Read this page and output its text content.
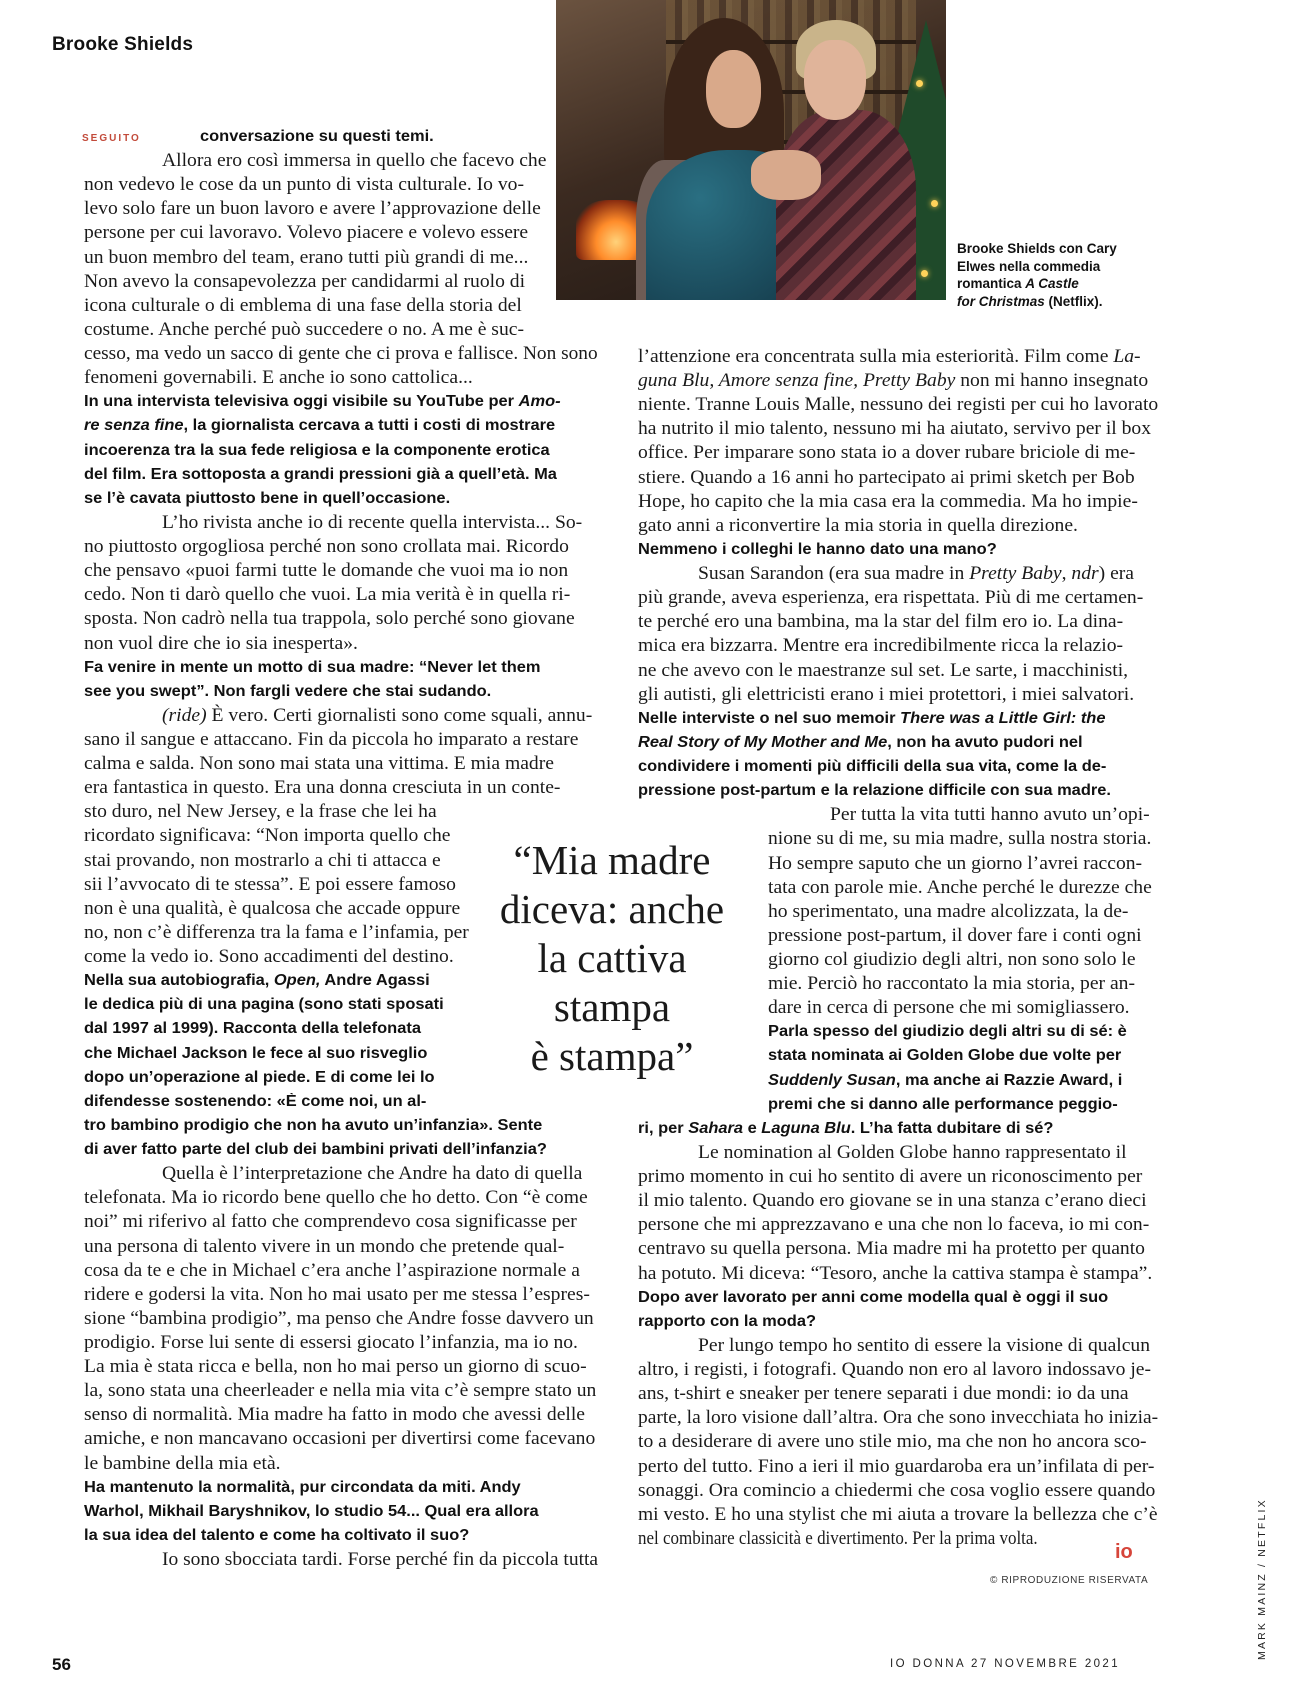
Brooke Shields
Brooke Shields con Cary
Elwes nella commedia
romantica A Castle
for Christmas (Netflix).
SEGUITO	conversazione su questi temi.
Allora ero così immersa in quello che facevo che
non vedevo le cose da un punto di vista culturale. Io vo-
levo solo fare un buon lavoro e avere l’approvazione delle
persone per cui lavoravo. Volevo piacere e volevo essere
un buon membro del team, erano tutti più grandi di me...
Non avevo la consapevolezza per candidarmi al ruolo di
icona culturale o di emblema di una fase della storia del
costume. Anche perché può succedere o no. A me è suc-
cesso, ma vedo un sacco di gente che ci prova e fallisce. Non sono
fenomeni governabili. E anche io sono cattolica...
In una intervista televisiva oggi visibile su YouTube per Amo-
re senza fine, la giornalista cercava a tutti i costi di mostrare
incoerenza tra la sua fede religiosa e la componente erotica
del film. Era sottoposta a grandi pressioni già a quell’età. Ma
se l’è cavata piuttosto bene in quell’occasione.
L’ho rivista anche io di recente quella intervista... So-
no piuttosto orgogliosa perché non sono crollata mai. Ricordo
che pensavo «puoi farmi tutte le domande che vuoi ma io non
cedo. Non ti darò quello che vuoi. La mia verità è in quella ri-
sposta. Non cadrò nella tua trappola, solo perché sono giovane
non vuol dire che io sia inesperta».
Fa venire in mente un motto di sua madre: “Never let them
see you swept”. Non fargli vedere che stai sudando.
(ride) È vero. Certi giornalisti sono come squali, annu-
sano il sangue e attaccano. Fin da piccola ho imparato a restare
calma e salda. Non sono mai stata una vittima. E mia madre
era fantastica in questo. Era una donna cresciuta in un conte-
sto duro, nel New Jersey, e la frase che lei ha
ricordato significava: “Non importa quello che
stai provando, non mostrarlo a chi ti attacca e
sii l’avvocato di te stessa”. E poi essere famoso
non è una qualità, è qualcosa che accade oppure
no, non c’è differenza tra la fama e l’infamia, per
come la vedo io. Sono accadimenti del destino.
Nella sua autobiografia, Open, Andre Agassi
le dedica più di una pagina (sono stati sposati
dal 1997 al 1999). Racconta della telefonata
che Michael Jackson le fece al suo risveglio
dopo un’operazione al piede. E di come lei lo
difendesse sostenendo: «È come noi, un al-
tro bambino prodigio che non ha avuto un’infanzia». Sente
di aver fatto parte del club dei bambini privati dell’infanzia?
Quella è l’interpretazione che Andre ha dato di quella
telefonata. Ma io ricordo bene quello che ho detto. Con “è come
noi” mi riferivo al fatto che comprendevo cosa significasse per
una persona di talento vivere in un mondo che pretende qual-
cosa da te e che in Michael c’era anche l’aspirazione normale a
ridere e godersi la vita. Non ho mai usato per me stessa l’espres-
sione “bambina prodigio”, ma penso che Andre fosse davvero un
prodigio. Forse lui sente di essersi giocato l’infanzia, ma io no.
La mia è stata ricca e bella, non ho mai perso un giorno di scuo-
la, sono stata una cheerleader e nella mia vita c’è sempre stato un
senso di normalità. Mia madre ha fatto in modo che avessi delle
amiche, e non mancavano occasioni per divertirsi come facevano
le bambine della mia età.
Ha mantenuto la normalità, pur circondata da miti. Andy
Warhol, Mikhail Baryshnikov, lo studio 54... Qual era allora
la sua idea del talento e come ha coltivato il suo?
Io sono sbocciata tardi. Forse perché fin da piccola tutta
l’attenzione era concentrata sulla mia esteriorità. Film come La-
guna Blu, Amore senza fine, Pretty Baby non mi hanno insegnato
niente. Tranne Louis Malle, nessuno dei registi per cui ho lavorato
ha nutrito il mio talento, nessuno mi ha aiutato, servivo per il box
office. Per imparare sono stata io a dover rubare briciole di me-
stiere. Quando a 16 anni ho partecipato ai primi sketch per Bob
Hope, ho capito che la mia casa era la commedia. Ma ho impie-
gato anni a riconvertire la mia storia in quella direzione.
Nemmeno i colleghi le hanno dato una mano?
Susan Sarandon (era sua madre in Pretty Baby, ndr) era
più grande, aveva esperienza, era rispettata. Più di me certamen-
te perché ero una bambina, ma la star del film ero io. La dina-
mica era bizzarra. Mentre era incredibilmente ricca la relazio-
ne che avevo con le maestranze sul set. Le sarte, i macchinisti,
gli autisti, gli elettricisti erano i miei protettori, i miei salvatori.
Nelle interviste o nel suo memoir There was a Little Girl: the
Real Story of My Mother and Me, non ha avuto pudori nel
condividere i momenti più difficili della sua vita, come la de-
pressione post-partum e la relazione difficile con sua madre.
Per tutta la vita tutti hanno avuto un’opi-
nione su di me, su mia madre, sulla nostra storia.
Ho sempre saputo che un giorno l’avrei raccon-
tata con parole mie. Anche perché le durezze che
ho sperimentato, una madre alcolizzata, la de-
pressione post-partum, il dover fare i conti ogni
giorno col giudizio degli altri, non sono solo le
mie. Perciò ho raccontato la mia storia, per an-
dare in cerca di persone che mi somigliassero.
Parla spesso del giudizio degli altri su di sé: è
stata nominata ai Golden Globe due volte per
Suddenly Susan, ma anche ai Razzie Award, i
premi che si danno alle performance peggio-
ri, per Sahara e Laguna Blu. L’ha fatta dubitare di sé?
Le nomination al Golden Globe hanno rappresentato il
primo momento in cui ho sentito di avere un riconoscimento per
il mio talento. Quando ero giovane se in una stanza c’erano dieci
persone che mi apprezzavano e una che non lo faceva, io mi con-
centravo su quella persona. Mia madre mi ha protetto per quanto
ha potuto. Mi diceva: “Tesoro, anche la cattiva stampa è stampa”.
Dopo aver lavorato per anni come modella qual è oggi il suo
rapporto con la moda?
Per lungo tempo ho sentito di essere la visione di qualcun
altro, i registi, i fotografi. Quando non ero al lavoro indossavo je-
ans, t-shirt e sneaker per tenere separati i due mondi: io da una
parte, la loro visione dall’altra. Ora che sono invecchiata ho inizia-
to a desiderare di avere uno stile mio, ma che non ho ancora sco-
perto del tutto. Fino a ieri il mio guardaroba era un’infilata di per-
sonaggi. Ora comincio a chiedermi che cosa voglio essere quando
mi vesto. E ho una stylist che mi aiuta a trovare la bellezza che c’è
nel combinare classicità e divertimento. Per la prima volta.
“Mia madre
diceva: anche
la cattiva
stampa
è stampa”
io
© RIPRODUZIONE RISERVATA
56	IO DONNA 27 NOVEMBRE 2021
MARK MAINZ / NETFLIX
